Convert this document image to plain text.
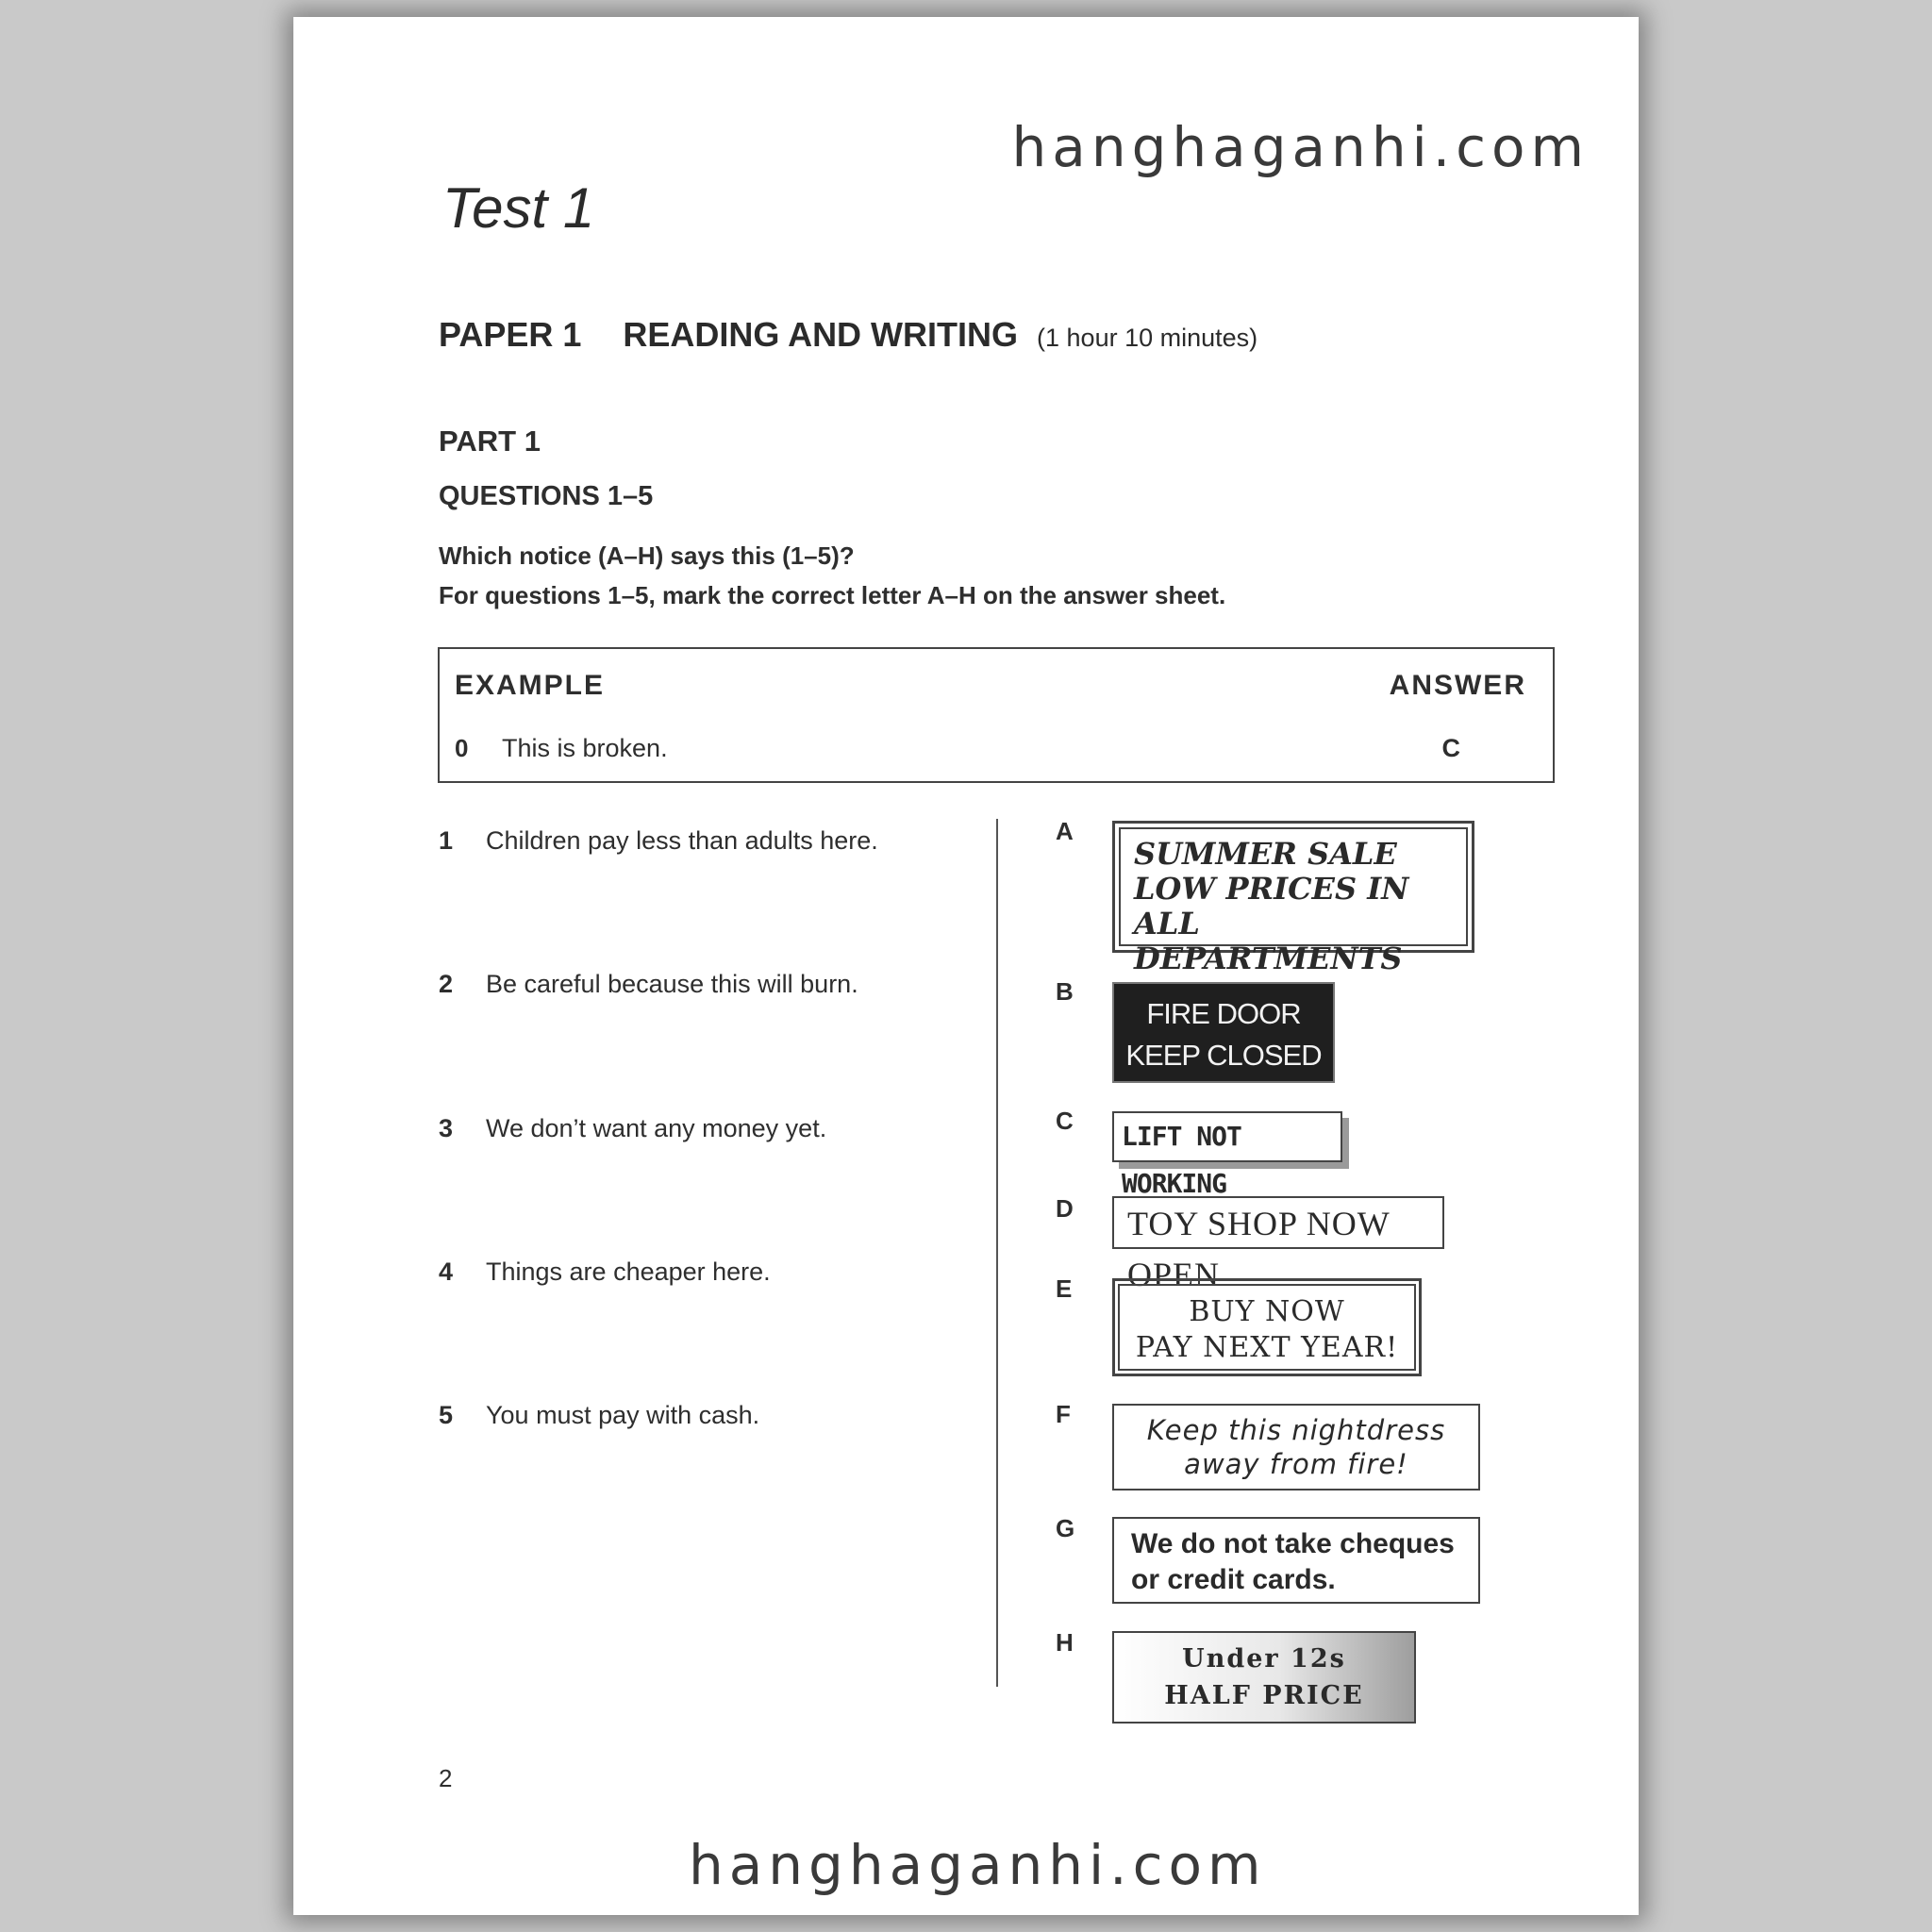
hanghaganhi.com
Test 1
PAPER 1 READING AND WRITING (1 hour 10 minutes)
PART 1
QUESTIONS 1–5
Which notice (A–H) says this (1–5)?
For questions 1–5, mark the correct letter A–H on the answer sheet.
EXAMPLE	ANSWER
0 This is broken.	C
1 Children pay less than adults here.
2 Be careful because this will burn.
3 We don’t want any money yet.
4 Things are cheaper here.
5 You must pay with cash.
A
SUMMER SALE
LOW PRICES IN ALL
DEPARTMENTS
B
FIRE DOOR
KEEP CLOSED
C LIFT NOT WORKING
D TOY SHOP NOW OPEN
E
BUY NOW
PAY NEXT YEAR!
F	Keep this nightdress
away from fire!
G We do not take cheques
or credit cards.
H
Under 12s
HALF PRICE
2
hanghaganhi.com
